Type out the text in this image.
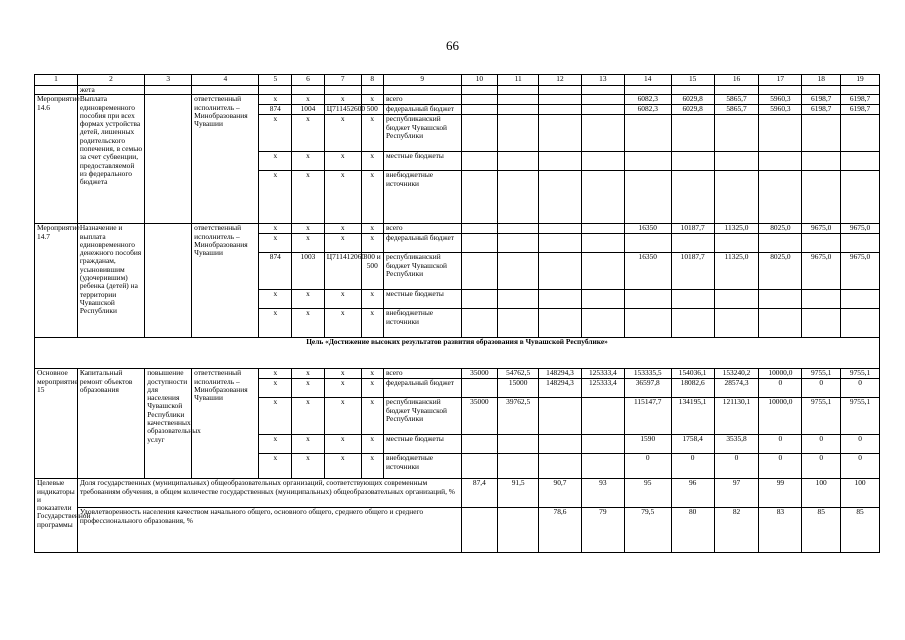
66
1	2	3	4	5	6	7	8	9	10	11	12	13	14	15	16	17	18	19
	жета																	
Мероприятие 14.6	Выплата единовременного пособия при всех формах устройства детей, лишенных родительского попечения, в семью за счет субвенции, предоставляемой из федерального бюджета		ответственный исполнитель – Минобразования Чувашии	x	x	x	x	всего					6082,3	6029,8	5865,7	5960,3	6198,7	6198,7
				874	1004	Ц711452600	500	федеральный бюджет					6082,3	6029,8	5865,7	5960,3	6198,7	6198,7
				x	x	x	x	республиканский бюджет Чувашской Республики										
				x	x	x	x	местные бюджеты										
				x	x	x	x	внебюджетные источники										
Мероприятие 14.7	Назначение и выплата единовременного денежного пособия гражданам, усыновившим (удочерившим) ребенка (детей) на территории Чувашской Республики		ответственный исполнитель – Минобразования Чувашии	x	x	x	x	всего					16350	10187,7	11325,0	8025,0	9675,0	9675,0
				x	x	x	x	федеральный бюджет										
				874	1003	Ц711412060	300 и 500	республиканский бюджет Чувашской Республики					16350	10187,7	11325,0	8025,0	9675,0	9675,0
				x	x	x	x	местные бюджеты										
				x	x	x	x	внебюджетные источники										
Цель «Достижение высоких результатов развития образования в Чувашской Республике»																		
Основное мероприятие 15	Капитальный ремонт объектов образования	повышение доступности для населения Чувашской Республики качественных образовательных услуг	ответственный исполнитель – Минобразования Чувашии	x	x	x	x	всего	35000	54762,5	148294,3	125333,4	153335,5	154036,1	153240,2	10000,0	9755,1	9755,1
				x	x	x	x	федеральный бюджет		15000	148294,3	125333,4	36597,8	18082,6	28574,3	0	0	0
				x	x	x	x	республиканский бюджет Чувашской Республики	35000	39762,5			115147,7	134195,1	121130,1	10000,0	9755,1	9755,1
				x	x	x	x	местные бюджеты					1590	1758,4	3535,8	0	0	0
				x	x	x	x	внебюджетные источники					0	0	0	0	0	0
Целевые индикаторы и показатели Государственной программы	Доля государственных (муниципальных) общеобразовательных организаций, соответствующих современным требованиям обучения, в общем количестве государственных (муниципальных) общеобразовательных организаций, %								87,4	91,5	90,7	93	95	96	97	99	100	100
	Удовлетворенность населения качеством начального общего, основного общего, среднего общего и среднего профессионального образования, %										78,6	79	79,5	80	82	83	85	85
